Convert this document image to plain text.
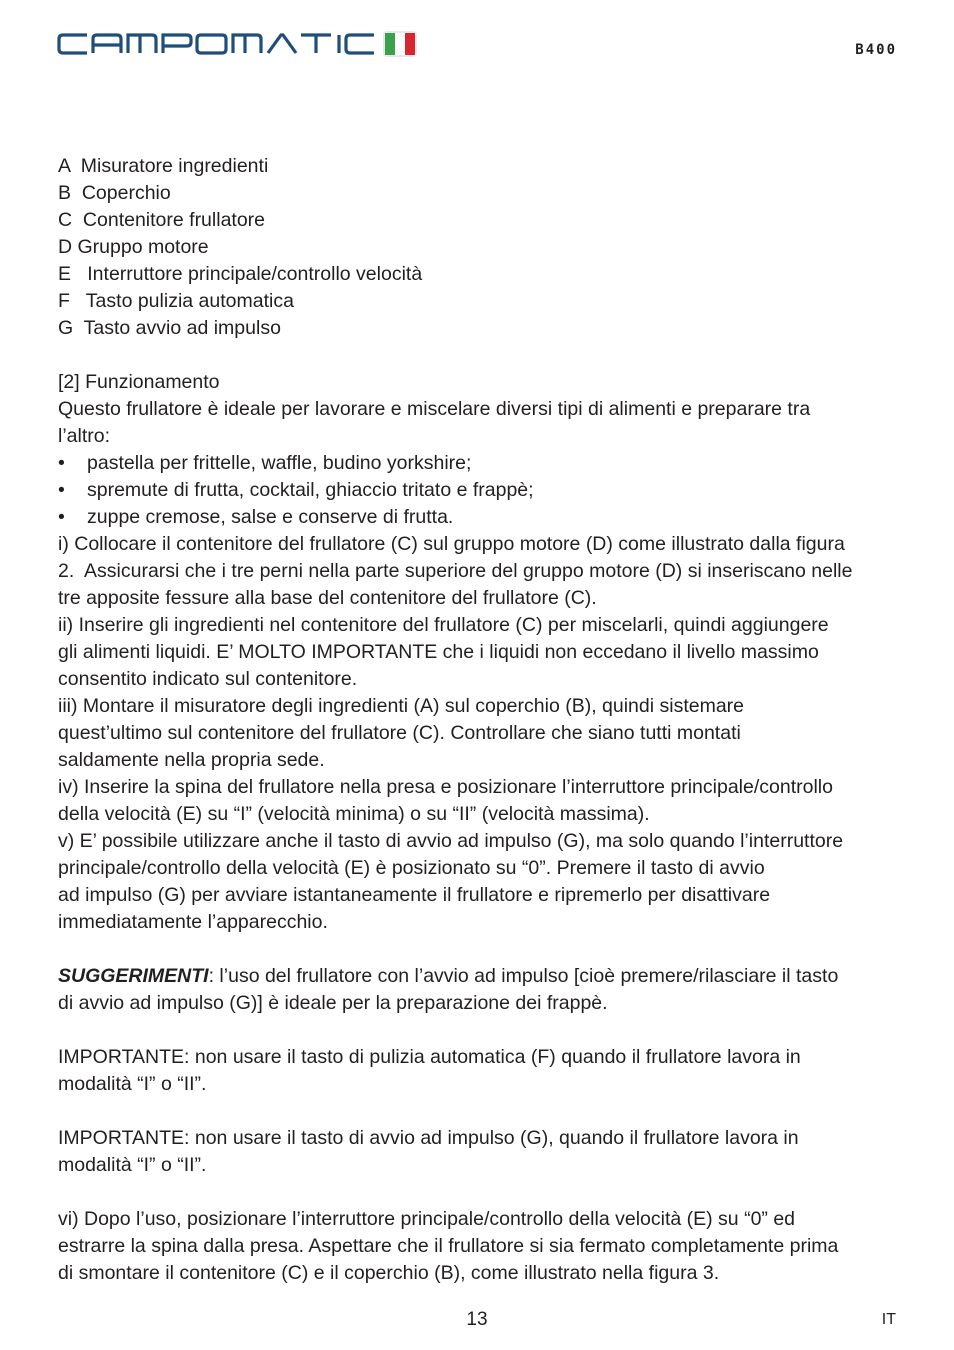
B400
A  Misuratore ingredienti
B  Coperchio
C  Contenitore frullatore
D Gruppo motore
E   Interruttore principale/controllo velocità
F   Tasto pulizia automatica
G  Tasto avvio ad impulso
[2] Funzionamento
Questo frullatore è ideale per lavorare e miscelare diversi tipi di alimenti e preparare tra
l’altro:
• pastella per frittelle, waffle, budino yorkshire;
• spremute di frutta, cocktail, ghiaccio tritato e frappè;
• zuppe cremose, salse e conserve di frutta.
i) Collocare il contenitore del frullatore (C) sul gruppo motore (D) come illustrato dalla figura
2.  Assicurarsi che i tre perni nella parte superiore del gruppo motore (D) si inseriscano nelle
tre apposite fessure alla base del contenitore del frullatore (C).
ii) Inserire gli ingredienti nel contenitore del frullatore (C) per miscelarli, quindi aggiungere
gli alimenti liquidi. E’ MOLTO IMPORTANTE che i liquidi non eccedano il livello massimo
consentito indicato sul contenitore.
iii) Montare il misuratore degli ingredienti (A) sul coperchio (B), quindi sistemare
quest’ultimo sul contenitore del frullatore (C). Controllare che siano tutti montati
saldamente nella propria sede.
iv) Inserire la spina del frullatore nella presa e posizionare l’interruttore principale/controllo
della velocità (E) su “I” (velocità minima) o su “II” (velocità massima).
v) E’ possibile utilizzare anche il tasto di avvio ad impulso (G), ma solo quando l’interruttore
principale/controllo della velocità (E) è posizionato su “0”. Premere il tasto di avvio
ad impulso (G) per avviare istantaneamente il frullatore e ripremerlo per disattivare
immediatamente l’apparecchio.
SUGGERIMENTI: l’uso del frullatore con l’avvio ad impulso [cioè premere/rilasciare il tasto
di avvio ad impulso (G)] è ideale per la preparazione dei frappè.
IMPORTANTE: non usare il tasto di pulizia automatica (F) quando il frullatore lavora in
modalità “I” o “II”.
IMPORTANTE: non usare il tasto di avvio ad impulso (G), quando il frullatore lavora in
modalità “I” o “II”.
vi) Dopo l’uso, posizionare l’interruttore principale/controllo della velocità (E) su “0” ed
estrarre la spina dalla presa. Aspettare che il frullatore si sia fermato completamente prima
di smontare il contenitore (C) e il coperchio (B), come illustrato nella figura 3.
13	IT
